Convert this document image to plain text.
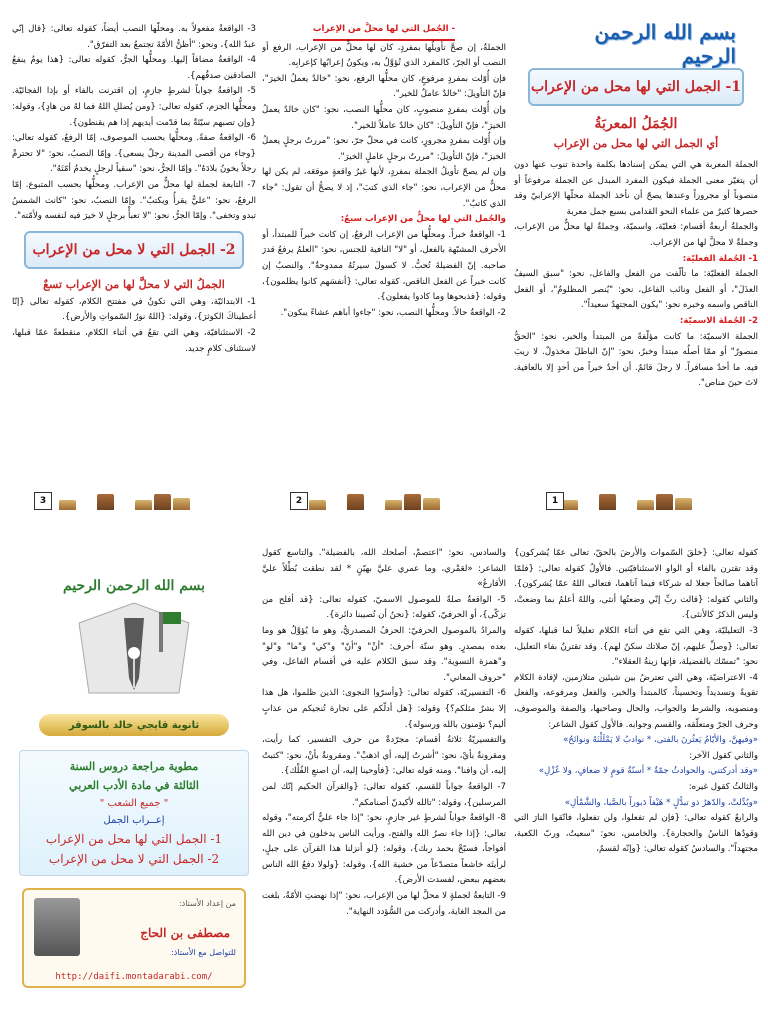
بسم الله الرحمن الرحيم
1- الجمل التي لها محل من الإعراب

الجُمَلُ المعربَةُ

أي الجمل التي لها محل من الإعراب

الجملة المعربة هي التي يمكن إسنادها بكلمة واحدة تنوب عنها دون أن يتغيّر معنى الجملة فيكون المفرد المبدل عن الجملة مرفوعاً أو منصوباً أو مجروراً وعندها يصحّ أن نأخذ الجملة محلّها الإعرابيّ وقد حصرها كثيرٌ من علماء النحو القدامى بسبع جمل معربة

والجملةُ أربعةُ أقسام: فعليّة، واسميّة، وجملةٌ لها محلٌّ من الإعراب، وجملةٌ لا محلَّ لها من الإعراب.

1- الجُملة الفعليّة:

الجملة الفعليّة: ما تألّفت من الفعل والفاعل، نحو: "سبق السيفُ العذَلَ"، أو الفعل ونائب الفاعل، نحو: "يُنصر المظلومُ"، أو الفعل الناقص واسمه وخبره نحو: "يكون المجتهدُ سعيداً".

2- الجُملة الاسميّة:

الجملة الاسميّة: ما كانت مؤلّفةً من المبتدأ والخبر، نحو: "الحقُّ منصورٌ" أو ممّا أصلُه مبتدأ وخبرٌ، نحو: "إنّ الباطلَ مخذولٌ. لا ريبَ فيه. ما أحدٌ مسافراً. لا رجلَ قائمٌ. أن أحدٌ خيراً من أحدٍ إلا بالعافية. لاتَ حينَ مناص".

1

- الجُمل التي لها محلٌّ من الإعراب

الجملةُ، إن صحَّ تأويلُها بمفردٍ، كان لها محلٌّ من الإعراب، الرفع أو النصب أو الجرّ، كالمفرد الذي تُؤوَّلُ به، ويكونُ إعرابُها كإعرابِه.

فإن أُوّلت بمفردٍ مرفوعٍ، كان محلُّها الرفع، نحو: "خالدٌ يعملُ الخيرَ"، فإنّ التأويلَ: "خالدٌ عاملٌ للخير".

وإن أُوّلت بمفردٍ منصوبٍ، كان محلُّها النصب، نحو: "كان خالدٌ يعملُ الخيرَ"، فإنّ التأويلَ: "كان خالدٌ عاملاً للخير".

وإن أُوّلت بمفردٍ مجرورٍ، كانت في محلّ جرّ، نحو: "مررتُ برجلٍ يعملُ الخيرَ"، فإنّ التأويلَ: "مررتُ برجلٍ عاملٍ الخيرَ".

وإن لم يصحّ تأويلُ الجملة بمفردٍ، لأنها غيرُ واقعةٍ موقعَه، لم يكن لها محلٌّ من الإعراب، نحو: "جاء الذي كتبَ"، إذ لا يصحُّ أن تقول: "جاء الذي كاتبٌ".

والجُمل التي لها محلٌّ من الإعراب سبعٌ:

1- الواقعةُ خبراً. ومحلُّها من الإعراب الرفعُ، إن كانت خبراً للمبتدأ، أو الأحرف المشبّهة بالفعل، أو "لا" النافية للجنس، نحو: "العلمُ يرفعُ قدرَ صاحبه. إنّ الفضيلةَ تُحبُّ. لا كسولَ سيرتُهُ ممدوحةٌ". والنصبُ إن كانت خبراً عن الفعل الناقص، كقوله تعالى: {أنفسَهم كانوا يظلمون}، وقوله: {فذبحوها وما كادوا يفعلون}.

2- الواقعةُ حالاً. ومحلُّها النصب، نحو: "جاءوا أباهم عشاءً يبكون".

2

3- الواقعةُ مفعولاً به. ومحلّها النصب أيضاً، كقوله تعالى: {قال إنّي عبدُ الله}، ونحو: "أظنُّ الأمّةَ تجتمعُ بعد التفرّق".

4- الواقعةُ مضافاً إليها. ومحلُّها الجرُّ، كقوله تعالى: {هذا يومُ ينفعُ الصادقين صدقُهم}.

5- الواقعةُ جواباً لشرطٍ جازمٍ، إن اقترنت بالفاء أو بإذا الفجائيّة. ومحلُّها الجزم، كقوله تعالى: {ومن يُضللِ اللهُ فما لهُ من هادٍ}، وقوله: {وإن تصبهم سيّئةٌ بما قدّمت أيديهم إذا هم يقنطون}.

6- الواقعةُ صفةً. ومحلُّها بحسب الموصوف، إمّا الرفعُ، كقوله تعالى: {وجاء من أقصى المدينة رجلٌ يسعى}. وإمّا النصبُ، نحو: "لا تحترمْ رجلاً يخونُ بلادَهُ". وإمّا الجرُّ، نحو: "سقياً لرجلٍ يخدمُ أمّتَهُ".

7- التابعة لجملة لها محلٌّ من الإعراب. ومحلُّها بحسب المتبوع. إمّا الرفعُ، نحو: "عليٌّ يقرأُ ويكتبُ". وإمّا النصبُ، نحو: "كانت الشمسُ تبدو وتخفى". وإمّا الجرُّ، نحو: "لا تعبأْ برجلٍ لا خيرَ فيه لنفسه ولأمّته".

2- الجمل التي لا محل من الإعراب

الجملُ التي لا محلَّ لها من الإعراب تسعٌ

1- الابتدائيّة، وهي التي تكونُ في مفتتح الكلام، كقوله تعالى {إنّا أعطيناكَ الكوثرَ}، وقوله: {اللهُ نورُ السّمواتِ والأرض}.

2- الاستئنافيّة، وهي التي تقعُ في أثناء الكلام، منقطعةً عمّا قبلها، لاستئناف كلامٍ جديد.

3

كقوله تعالى: {خلقَ السّموات والأرضَ بالحقّ، تعالى عمّا يُشركون} وقد تقترن بالفاء أو الواو الاستئنافيّتين. فالأولُ كقوله تعالى: {فلمّا آتاهما صالحاً جعلا له شركاء فيما آتاهما، فتعالى اللهُ عمّا يُشركون}. والثاني كقوله: {قالت ربِّ إنّي وضعتُها أنثى، واللهُ أعلمُ بما وضعتْ، وليس الذكرُ كالأنثى}.

3- التعليليّة، وهي التي تقع في أثناء الكلام تعليلاً لما قبلها، كقوله تعالى: {وصلِّ عليهم، إنّ صلاتك سكنٌ لهم}. وقد تقترنُ بفاء التعليل، نحو: "تمسّك بالفضيلة، فإنها زينةُ العقلاء".

4- الاعتراضيّة، وهي التي تعترضُ بين شيئين متلازمين، لإفادة الكلام تقويةً وتسديداً وتحسيناً، كالمبتدأ والخبر، والفعل ومرفوعه، والفعل ومنصوبه، والشرط والجواب، والحال وصاحبها، والصفة والموصوف، وحرف الجرّ ومتعلّقه، والقسم وجوابه. فالأول كقول الشاعر:

«وفيهنَّ، والأيّامُ يَعثُرنَ بالفتى، * نوادبُ لا يَمْلَلْنَهُ ونوائحُ»

والثاني كقول الآخر:

«وقد أدركتني، والحوادثُ جمّةٌ * أسنّةُ قومٍ لا ضعافٍ، ولا عُزْلِ»

والثالثُ كقول غيره:

«وبُدِّلتْ، والدّهرُ ذو تبدُّلٍ * هَيْفاً دَبوراً بالصَّبا، والشَّمْألِ»

والرابعُ كقوله تعالى: {فإن لم تفعلوا، ولن تفعلوا، فاتّقوا النارَ التي وَقودُها الناسُ والحجارة}. والخامس، نحو: "سعيتُ، وربّ الكعبة، مجتهداً". والسادسُ كقوله تعالى: {وإنّه لقسمٌ،

والسادس، نحو: "اعتصمْ، أصلحك الله، بالفضيلة". والتاسع كقول الشاعر: «لعَمْري، وما عمري عليَّ بهيّنٍ * لقد نطقت بُطْلاً عليَّ الأقارعُ»

5- الواقعةُ صلةً للموصول الاسميّ، كقوله تعالى: {قد أفلح من تزكّى}، أو الحرفيّ، كقوله: {نحنُ أن تُصيبنا دائرة}.

والمرادُ بالموصول الحرفيّ: الحرفُ المصدريُّ، وهو ما يُؤوَّلُ هو وما بعده بمصدرٍ. وهو ستّة أحرف: "أنْ" و"أنّ" و"كي" و"ما" و"لو" و"همزة التسوية". وقد سبق الكلام عليه في أقسام الفاعل، وفي "حروف المعاني".

6- التفسيريّة، كقوله تعالى: {وأسرّوا النجوى: الذين ظلموا، هل هذا إلا بشرٌ مثلكم؟} وقوله: {هل أدلّكم على تجارة تُنجيكم من عذابٍ أليم؟ تؤمنون بالله ورسوله}.

والتفسيريّةُ ثلاثةُ أقسام: مجرّدةٌ من حرف التفسير، كما رأيت، ومقرونةٌ بأيْ، نحو: "أشرتُ إليه، أي اذهبْ". ومقرونةٌ بأنْ، نحو: "كتبتُ إليه، أن وافنا". ومنه قوله تعالى: {فأوحينا إليه، أن اصنعِ الفُلْك}.

7- الواقعةُ جواباً للقسم، كقوله تعالى: {والقرآن الحكيم إنّك لمن المرسلين}، وقوله: "تالله لأكيدنّ أصنامكم".

8- الواقعةُ جواباً لشرطٍ غير جازمٍ، نحو: "إذا جاء عليٌّ أكرمته"، وقوله تعالى: {إذا جاء نصرُ الله والفتح، ورأيت الناس يدخلون في دين الله أفواجاً، فسبّحْ بحمد ربك}، وقوله: {لو أنزلنا هذا القرآن على جبلٍ، لرأيتَه خاشعاً متصدّعاً من خشية الله}، وقوله: {ولولا دفعُ الله الناس بعضهم ببعض، لفسدت الأرض}.

9- التابعةُ لجملةٍ لا محلَّ لها من الإعراب، نحو: "إذا نهضتِ الأمّةُ، بلغت من المجد الغاية، وأدركت من السُّؤدد النهاية".

بسم الله الرحمن الرحيم
ثانوية قايجي خالد بالسوقر
مطوية مراجعة دروس السنة
الثالثة في مادة الأدب العربي
" جميع الشعب "
إعــراب الجمل
1- الجمل التي لها محل من الإعراب
2- الجمل التي لا محل من الإعراب
من إعداد الأستاذ:
مصطفى بن الحاج
للتواصل مع الأستاذ:
http://daifi.montadarabi.com/
